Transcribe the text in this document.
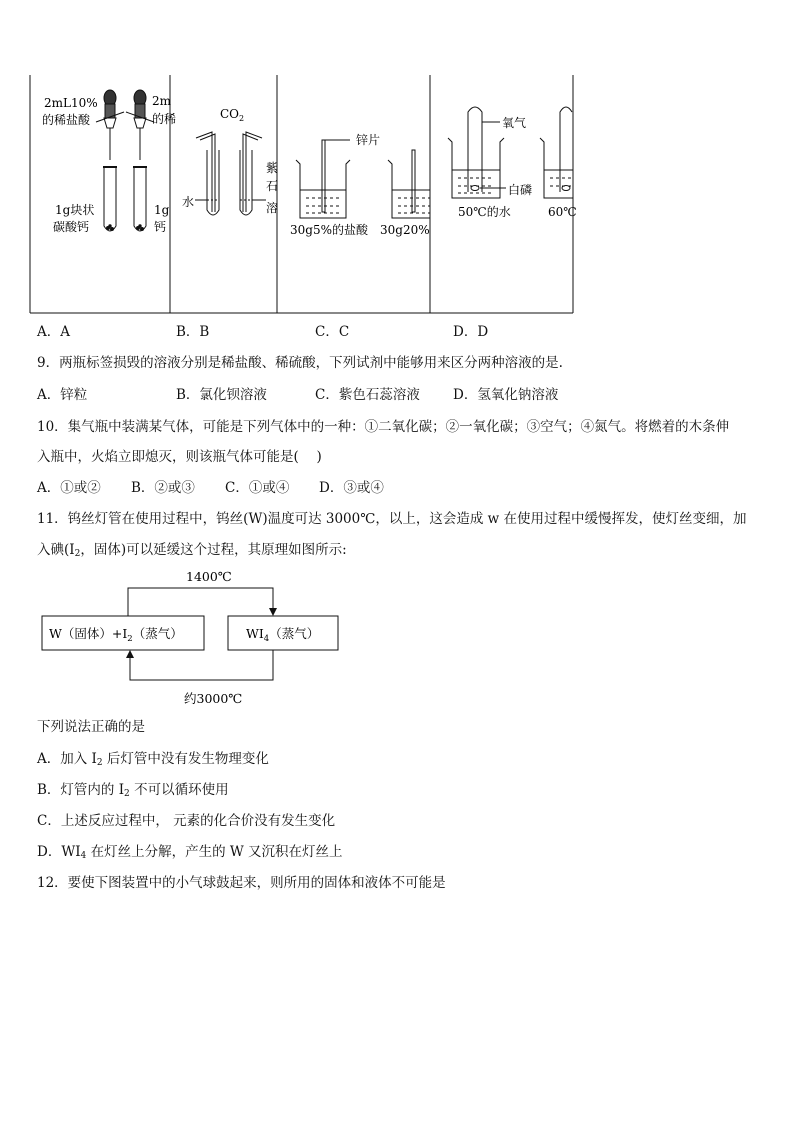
2mL10%
的稀盐酸
2m
的稀
1g块状
碳酸钙
1g
钙
$CO_2$
水
紫
石
溶
锌片
30g5%的盐酸 30g20%
氧气
白磷
50℃的水	60℃
A．A	B．B	C．C	D．D
9．两瓶标签损毁的溶液分别是稀盐酸、稀硫酸，下列试剂中能够用来区分两种溶液的是.
A．锌粒	B．氯化钡溶液	C．紫色石蕊溶液 D．氢氧化钠溶液
10．集气瓶中装满某气体，可能是下列气体中的一种：①二氧化碳；②一氧化碳；③空气；④氮气。将燃着的木条伸
入瓶中，火焰立即熄灭，则该瓶气体可能是(　 )
A．①或② B．②或③ C．①或④ D．③或④
11．钨丝灯管在使用过程中，钨丝(W)温度可达 3000℃，以上，这会造成 w 在使用过程中缓慢挥发，使灯丝变细，加
入碘($I_2$，固体)可以延缓这个过程，其原理如图所示:
1400℃
W（固体）$+I_2$（蒸气）	$WI_4$（蒸气）
约3000℃
下列说法正确的是
A．加入 $I_2$ 后灯管中没有发生物理变化
B．灯管内的 $I_2$ 不可以循环使用
C．上述反应过程中， 元素的化合价没有发生变化
D．$WI_4$ 在灯丝上分解，产生的 W 又沉积在灯丝上
12．要使下图装置中的小气球鼓起来，则所用的固体和液体不可能是
